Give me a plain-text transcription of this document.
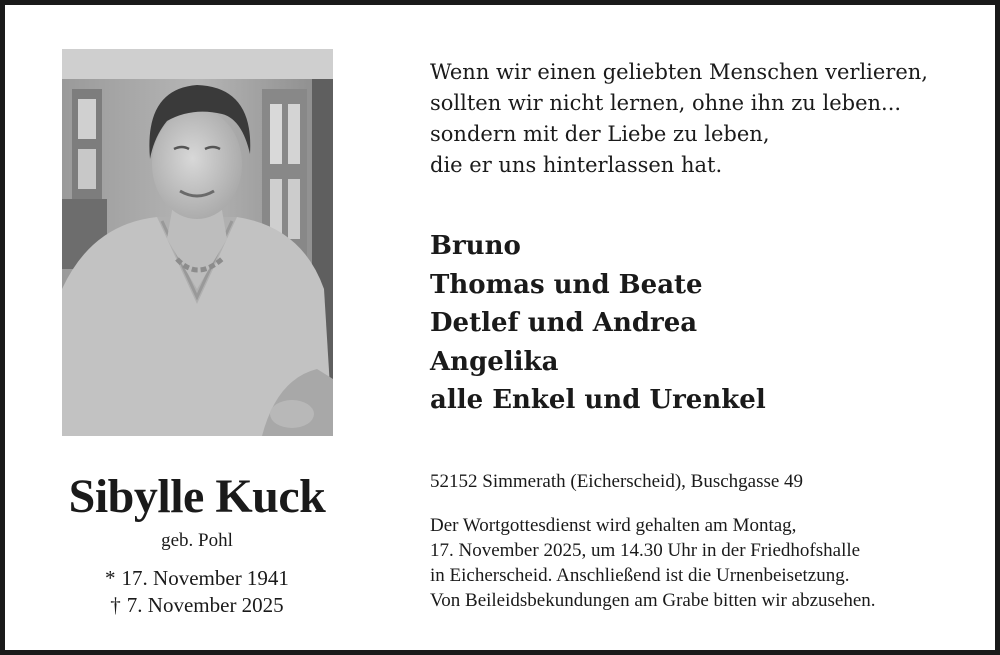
Wenn wir einen geliebten Menschen verlieren,
sollten wir nicht lernen, ohne ihn zu leben...
sondern mit der Liebe zu leben,
die er uns hinterlassen hat.
Bruno
Thomas und Beate
Detlef und Andrea
Angelika
alle Enkel und Urenkel
Sibylle Kuck
geb. Pohl
* 17. November 1941
† 7. November 2025
52152 Simmerath (Eicherscheid), Buschgasse 49
Der Wortgottesdienst wird gehalten am Montag,
17. November 2025, um 14.30 Uhr in der Friedhofshalle
in Eicherscheid. Anschließend ist die Urnenbeisetzung.
Von Beileidsbekundungen am Grabe bitten wir abzusehen.
